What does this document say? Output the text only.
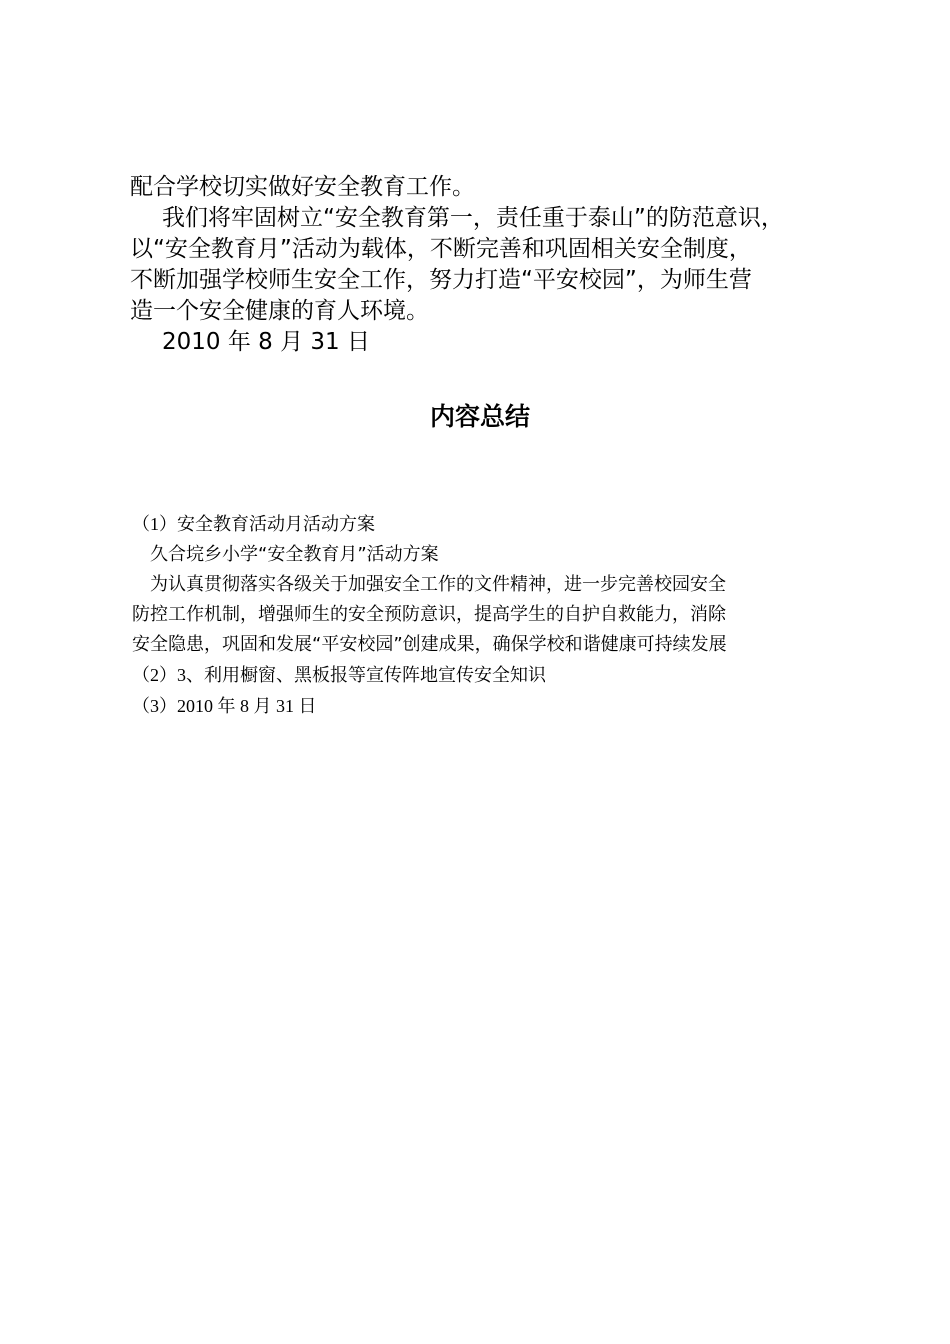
配合学校切实做好安全教育工作。

我们将牢固树立“安全教育第一，责任重于泰山”的防范意识，

以“安全教育月”活动为载体，不断完善和巩固相关安全制度，

不断加强学校师生安全工作，努力打造“平安校园”，为师生营

造一个安全健康的育人环境。

2010 年 8 月 31 日

内容总结

（1）安全教育活动月活动方案

久合垸乡小学“安全教育月”活动方案

为认真贯彻落实各级关于加强安全工作的文件精神，进一步完善校园安全

防控工作机制，增强师生的安全预防意识，提高学生的自护自救能力，消除

安全隐患，巩固和发展“平安校园”创建成果，确保学校和谐健康可持续发展

（2）3、利用橱窗、黑板报等宣传阵地宣传安全知识

（3）2010 年 8 月 31 日
